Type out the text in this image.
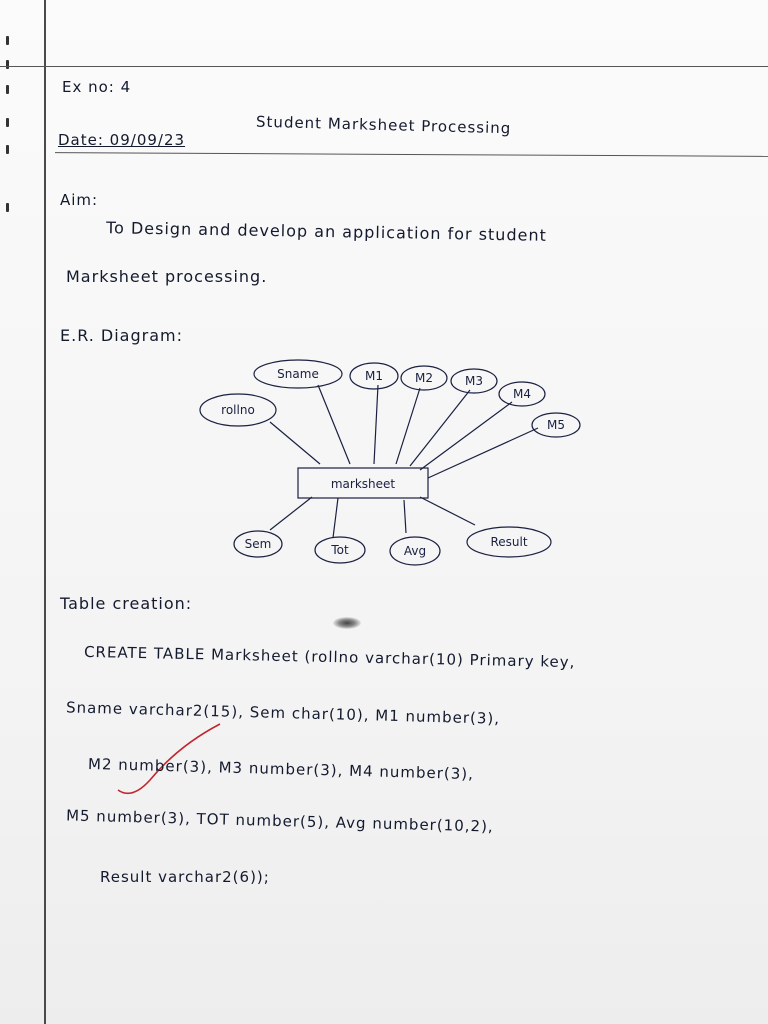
Ex no: 4
Date: 09/09/23
Student Marksheet Processing
Aim:
To Design and develop an application for student
Marksheet processing.
E.R. Diagram:
marksheet
rollno
Sname	M1	M2	M3
M4
M5
Sem	Tot	Avg
Result
Table creation:
CREATE TABLE Marksheet (rollno varchar(10) Primary key,
Sname varchar2(15), Sem char(10), M1 number(3),
M2 number(3), M3 number(3), M4 number(3),
M5 number(3), TOT number(5), Avg number(10,2),
Result varchar2(6));
